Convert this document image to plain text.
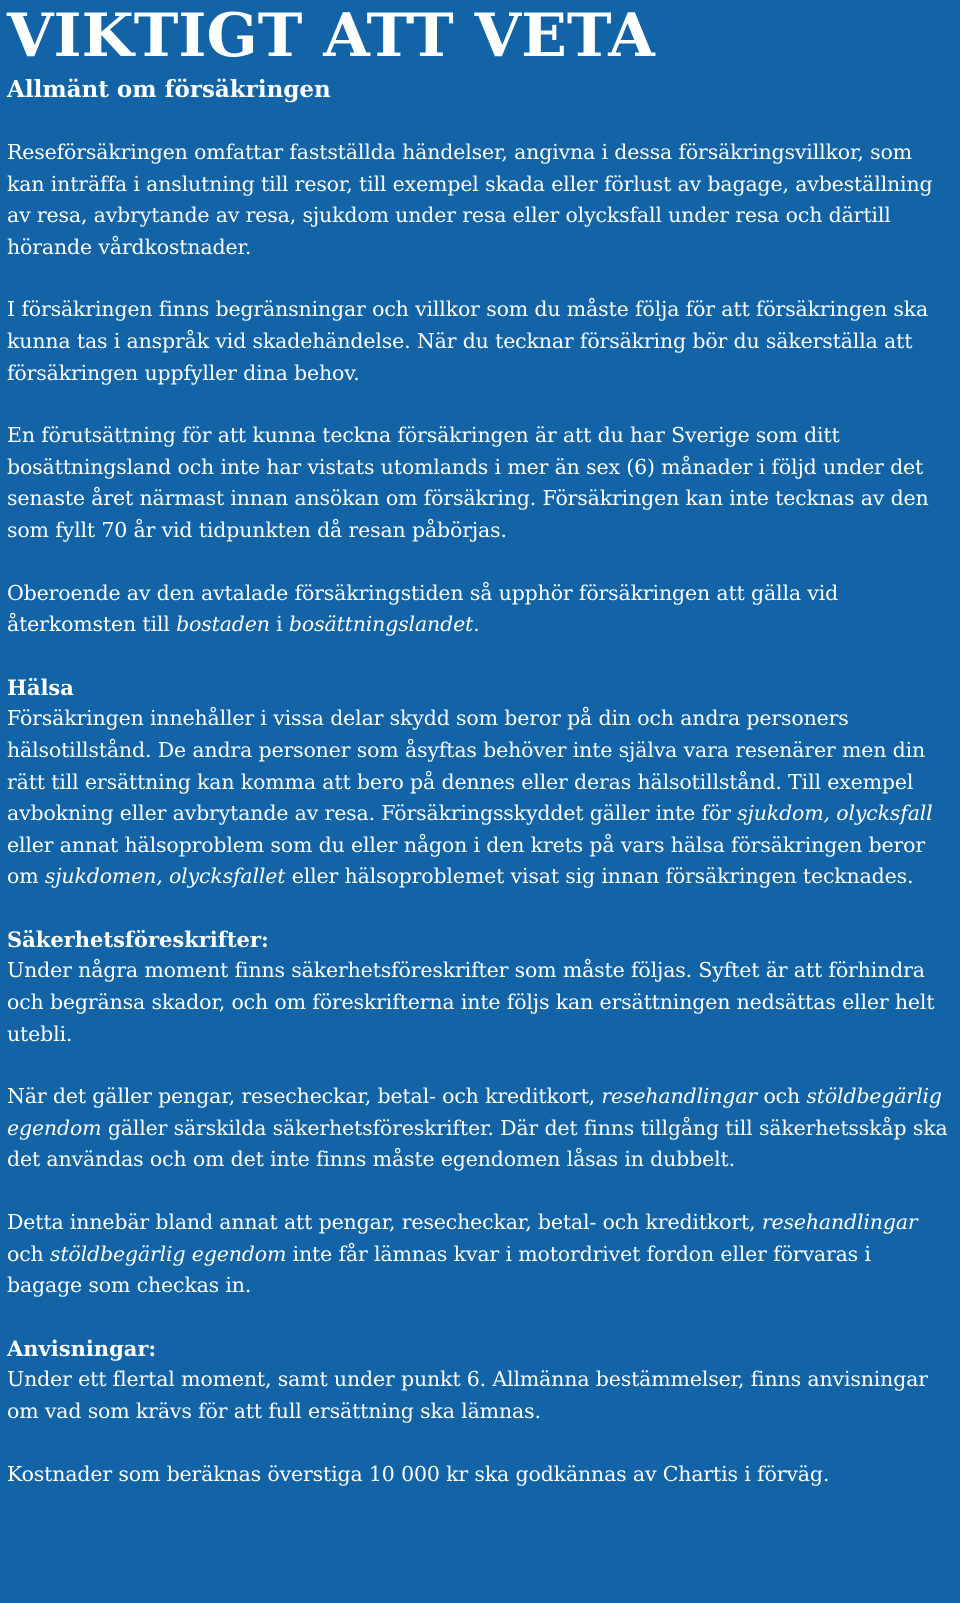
VIKTIGT ATT VETA
Allmänt om försäkringen

Reseförsäkringen omfattar fastställda händelser, angivna i dessa försäkringsvillkor, som kan inträffa i anslutning till resor, till exempel skada eller förlust av bagage, avbeställning av resa, avbrytande av resa, sjukdom under resa eller olycksfall under resa och därtill hörande vårdkostnader.

I försäkringen finns begränsningar och villkor som du måste följa för att försäkringen ska kunna tas i anspråk vid skadehändelse. När du tecknar försäkring bör du säkerställa att försäkringen uppfyller dina behov.

En förutsättning för att kunna teckna försäkringen är att du har Sverige som ditt bosättningsland och inte har vistats utomlands i mer än sex (6) månader i följd under det senaste året närmast innan ansökan om försäkring. Försäkringen kan inte tecknas av den som fyllt 70 år vid tidpunkten då resan påbörjas.

Oberoende av den avtalade försäkringstiden så upphör försäkringen att gälla vid återkomsten till bostaden i bosättningslandet.

Hälsa

Försäkringen innehåller i vissa delar skydd som beror på din och andra personers hälsotillstånd. De andra personer som åsyftas behöver inte själva vara resenärer men din rätt till ersättning kan komma att bero på dennes eller deras hälsotillstånd. Till exempel avbokning eller avbrytande av resa. Försäkringsskyddet gäller inte för sjukdom, olycksfall eller annat hälsoproblem som du eller någon i den krets på vars hälsa försäkringen beror om sjukdomen, olycksfallet eller hälsoproblemet visat sig innan försäkringen tecknades.

Säkerhetsföreskrifter:

Under några moment finns säkerhetsföreskrifter som måste följas. Syftet är att förhindra och begränsa skador, och om föreskrifterna inte följs kan ersättningen nedsättas eller helt utebli.

När det gäller pengar, resecheckar, betal- och kreditkort, resehandlingar och stöldbegärlig egendom gäller särskilda säkerhetsföreskrifter. Där det finns tillgång till säkerhetsskåp ska det användas och om det inte finns måste egendomen låsas in dubbelt.

Detta innebär bland annat att pengar, resecheckar, betal- och kreditkort, resehandlingar och stöldbegärlig egendom inte får lämnas kvar i motordrivet fordon eller förvaras i bagage som checkas in.

Anvisningar:

Under ett flertal moment, samt under punkt 6. Allmänna bestämmelser, finns anvisningar om vad som krävs för att full ersättning ska lämnas.

Kostnader som beräknas överstiga 10 000 kr ska godkännas av Chartis i förväg.
